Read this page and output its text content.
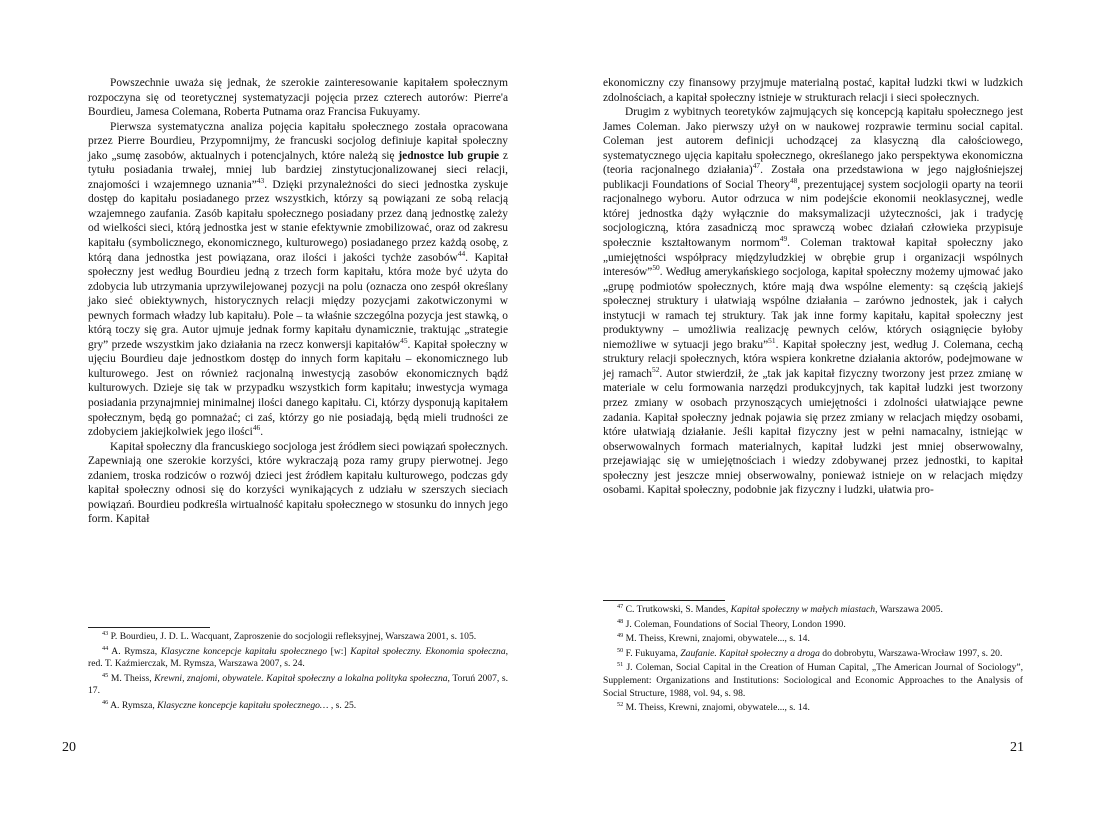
Powszechnie uważa się jednak, że szerokie zainteresowanie kapitałem społecznym rozpoczyna się od teoretycznej systematyzacji pojęcia przez czterech autorów: Pierre'a Bourdieu, Jamesa Colemana, Roberta Putnama oraz Francisa Fukuyamy.

Pierwsza systematyczna analiza pojęcia kapitału społecznego została opracowana przez Pierre Bourdieu, Przypomnijmy, że francuski socjolog definiuje kapitał społeczny jako „sumę zasobów, aktualnych i potencjalnych, które należą się jednostce lub grupie z tytułu posiadania trwałej, mniej lub bardziej zinstytucjonalizowanej sieci relacji, znajomości i wzajemnego uznania”$^{43}$. Dzięki przynależności do sieci jednostka zyskuje dostęp do kapitału posiadanego przez wszystkich, którzy są powiązani ze sobą relacją wzajemnego zaufania. Zasób kapitału społecznego posiadany przez daną jednostkę zależy od wielkości sieci, którą jednostka jest w stanie efektywnie zmobilizować, oraz od zakresu kapitału (symbolicznego, ekonomicznego, kulturowego) posiadanego przez każdą osobę, z którą dana jednostka jest powiązana, oraz ilości i jakości tychże zasobów$^{44}$. Kapitał społeczny jest według Bourdieu jedną z trzech form kapitału, która może być użyta do zdobycia lub utrzymania uprzywilejowanej pozycji na polu (oznacza ono zespół określany jako sieć obiektywnych, historycznych relacji między pozycjami zakotwiczonymi w pewnych formach władzy lub kapitału). Pole – ta właśnie szczególna pozycja jest stawką, o którą toczy się gra. Autor ujmuje jednak formy kapitału dynamicznie, traktując „strategie gry” przede wszystkim jako działania na rzecz konwersji kapitałów$^{45}$. Kapitał społeczny w ujęciu Bourdieu daje jednostkom dostęp do innych form kapitału – ekonomicznego lub kulturowego. Jest on również racjonalną inwestycją zasobów ekonomicznych bądź kulturowych. Dzieje się tak w przypadku wszystkich form kapitału; inwestycja wymaga posiadania przynajmniej minimalnej ilości danego kapitału. Ci, którzy dysponują kapitałem społecznym, będą go pomnażać; ci zaś, którzy go nie posiadają, będą mieli trudności ze zdobyciem jakiejkolwiek jego ilości$^{46}$.

Kapitał społeczny dla francuskiego socjologa jest źródłem sieci powiązań społecznych. Zapewniają one szerokie korzyści, które wykraczają poza ramy grupy pierwotnej. Jego zdaniem, troska rodziców o rozwój dzieci jest źródłem kapitału kulturowego, podczas gdy kapitał społeczny odnosi się do korzyści wynikających z udziału w szerszych sieciach powiązań. Bourdieu podkreśla wirtualność kapitału społecznego w stosunku do innych jego form. Kapitał

$^{43}$ P. Bourdieu, J. D. L. Wacquant, Zaproszenie do socjologii refleksyjnej, Warszawa 2001, s. 105.

$^{44}$ A. Rymsza, Klasyczne koncepcje kapitału społecznego [w:] Kapitał społeczny. Ekonomia społeczna, red. T. Kaźmierczak, M. Rymsza, Warszawa 2007, s. 24.

$^{45}$ M. Theiss, Krewni, znajomi, obywatele. Kapitał społeczny a lokalna polityka społeczna, Toruń 2007, s. 17.

$^{46}$ A. Rymsza, Klasyczne koncepcje kapitału społecznego… , s. 25.

20

ekonomiczny czy finansowy przyjmuje materialną postać, kapitał ludzki tkwi w ludzkich zdolnościach, a kapitał społeczny istnieje w strukturach relacji i sieci społecznych.

Drugim z wybitnych teoretyków zajmujących się koncepcją kapitału społecznego jest James Coleman. Jako pierwszy użył on w naukowej rozprawie terminu social capital. Coleman jest autorem definicji uchodzącej za klasyczną dla całościowego, systematycznego ujęcia kapitału społecznego, określanego jako perspektywa ekonomiczna (teoria racjonalnego działania)$^{47}$. Została ona przedstawiona w jego najgłośniejszej publikacji Foundations of Social Theory$^{48}$, prezentującej system socjologii oparty na teorii racjonalnego wyboru. Autor odrzuca w nim podejście ekonomii neoklasycznej, wedle której jednostka dąży wyłącznie do maksymalizacji użyteczności, jak i tradycję socjologiczną, która zasadniczą moc sprawczą wobec działań człowieka przypisuje społecznie kształtowanym normom$^{49}$. Coleman traktował kapitał społeczny jako „umiejętności współpracy międzyludzkiej w obrębie grup i organizacji wspólnych interesów”$^{50}$. Według amerykańskiego socjologa, kapitał społeczny możemy ujmować jako „grupę podmiotów społecznych, które mają dwa wspólne elementy: są częścią jakiejś społecznej struktury i ułatwiają wspólne działania – zarówno jednostek, jak i całych instytucji w ramach tej struktury. Tak jak inne formy kapitału, kapitał społeczny jest produktywny – umożliwia realizację pewnych celów, których osiągnięcie byłoby niemożliwe w sytuacji jego braku”$^{51}$. Kapitał społeczny jest, według J. Colemana, cechą struktury relacji społecznych, która wspiera konkretne działania aktorów, podejmowane w jej ramach$^{52}$. Autor stwierdził, że „tak jak kapitał fizyczny tworzony jest przez zmianę w materiale w celu formowania narzędzi produkcyjnych, tak kapitał ludzki jest tworzony przez zmiany w osobach przynoszących umiejętności i zdolności ułatwiające pewne zadania. Kapitał społeczny jednak pojawia się przez zmiany w relacjach między osobami, które ułatwiają działanie. Jeśli kapitał fizyczny jest w pełni namacalny, istniejąc w obserwowalnych formach materialnych, kapitał ludzki jest mniej obserwowalny, przejawiając się w umiejętnościach i wiedzy zdobywanej przez jednostki, to kapitał społeczny jest jeszcze mniej obserwowalny, ponieważ istnieje on w relacjach między osobami. Kapitał społeczny, podobnie jak fizyczny i ludzki, ułatwia pro-

$^{47}$ C. Trutkowski, S. Mandes, Kapitał społeczny w małych miastach, Warszawa 2005.

$^{48}$ J. Coleman, Foundations of Social Theory, London 1990.

$^{49}$ M. Theiss, Krewni, znajomi, obywatele..., s. 14.

$^{50}$ F. Fukuyama, Zaufanie. Kapitał społeczny a droga do dobrobytu, Warszawa-Wrocław 1997, s. 20.

$^{51}$ J. Coleman, Social Capital in the Creation of Human Capital, „The American Journal of Sociology”, Supplement: Organizations and Institutions: Sociological and Economic Approaches to the Analysis of Social Structure, 1988, vol. 94, s. 98.

$^{52}$ M. Theiss, Krewni, znajomi, obywatele..., s. 14.

21
